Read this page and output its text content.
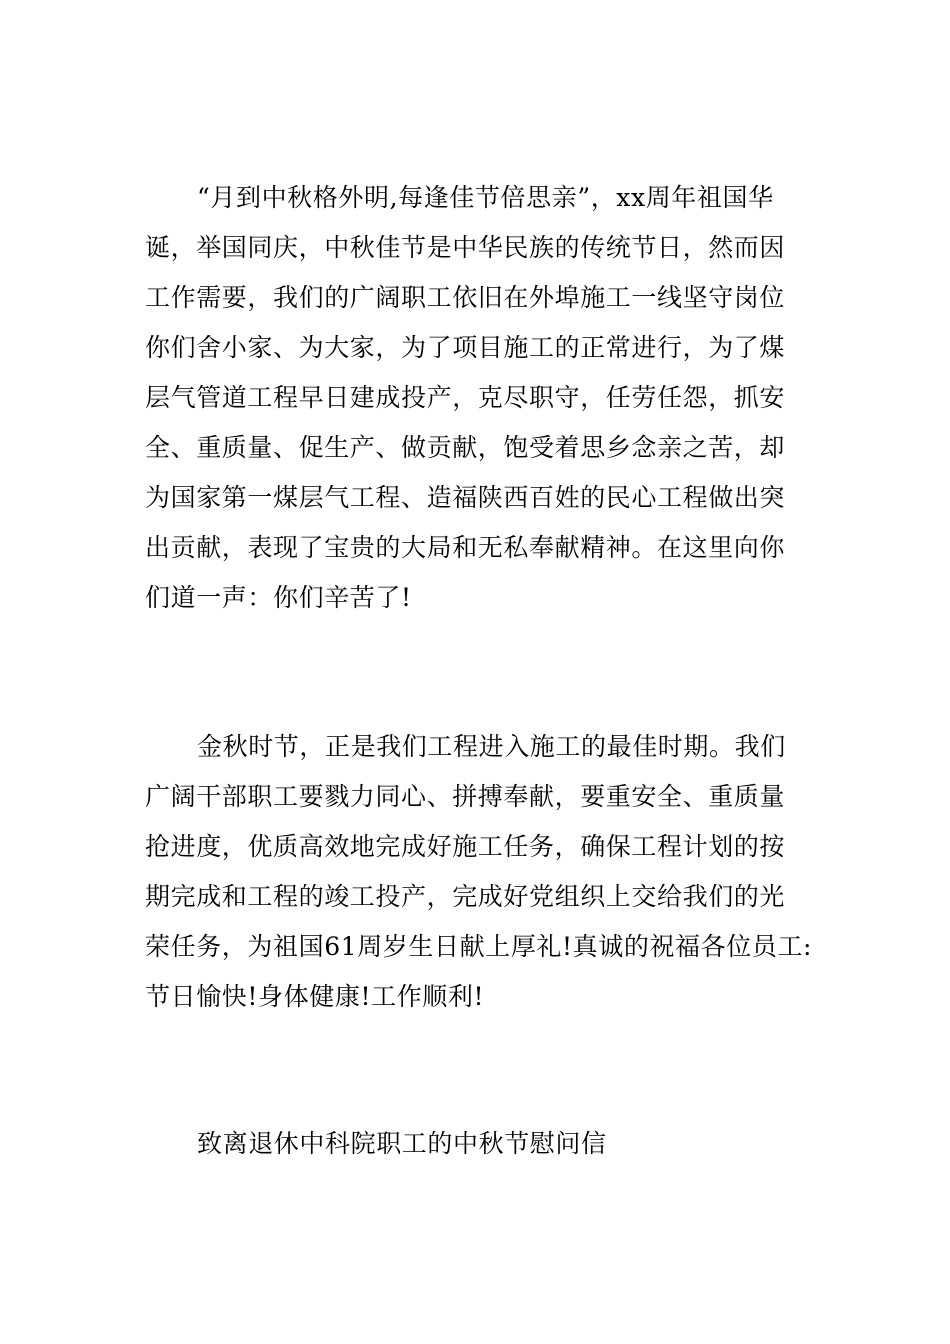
“月到中秋格外明,每逢佳节倍思亲”，xx周年祖国华

诞，举国同庆，中秋佳节是中华民族的传统节日，然而因

工作需要，我们的广阔职工依旧在外埠施工一线坚守岗位

你们舍小家、为大家，为了项目施工的正常进行，为了煤

层气管道工程早日建成投产，克尽职守，任劳任怨，抓安

全、重质量、促生产、做贡献，饱受着思乡念亲之苦，却

为国家第一煤层气工程、造福陕西百姓的民心工程做出突

出贡献，表现了宝贵的大局和无私奉献精神。在这里向你

们道一声：你们辛苦了!

金秋时节，正是我们工程进入施工的最佳时期。我们

广阔干部职工要戮力同心、拼搏奉献，要重安全、重质量

抢进度，优质高效地完成好施工任务，确保工程计划的按

期完成和工程的竣工投产，完成好党组织上交给我们的光

荣任务，为祖国61周岁生日献上厚礼!真诚的祝福各位员工:

节日愉快!身体健康!工作顺利!

致离退休中科院职工的中秋节慰问信
